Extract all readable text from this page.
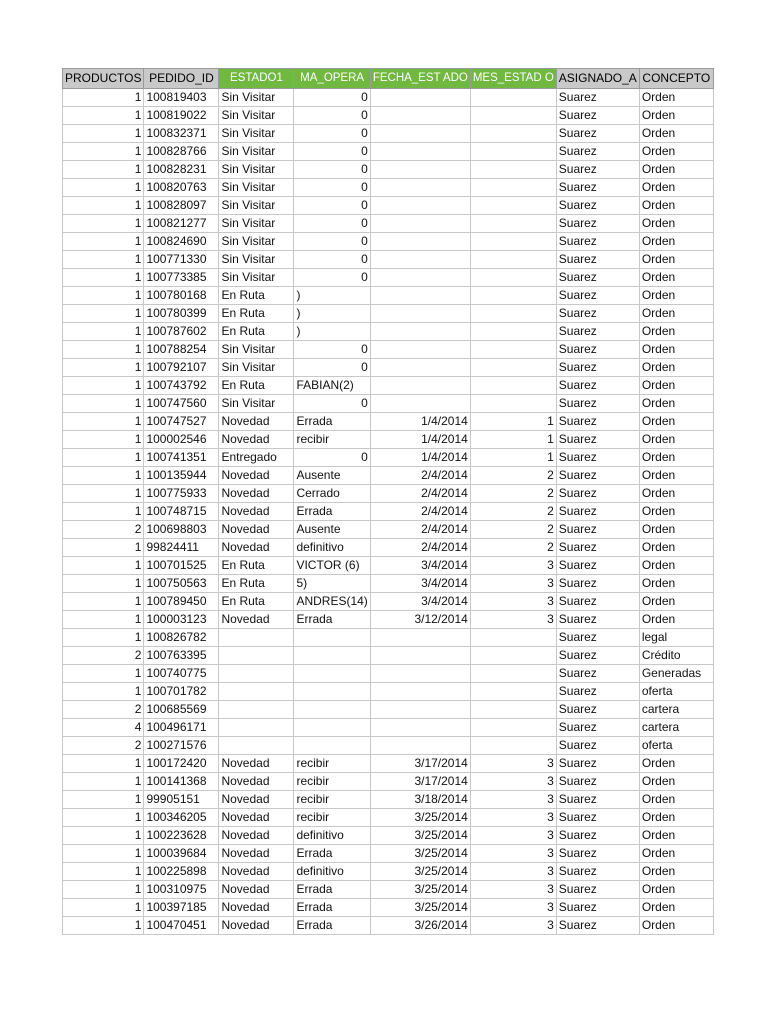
PRODUCTOS	PEDIDO_ID	ESTADO1	MA_OPERA	FECHA_EST ADO	MES_ESTAD O	ASIGNADO_A	CONCEPTO
1	100819403	Sin Visitar	0			Suarez	Orden
1	100819022	Sin Visitar	0			Suarez	Orden
1	100832371	Sin Visitar	0			Suarez	Orden
1	100828766	Sin Visitar	0			Suarez	Orden
1	100828231	Sin Visitar	0			Suarez	Orden
1	100820763	Sin Visitar	0			Suarez	Orden
1	100828097	Sin Visitar	0			Suarez	Orden
1	100821277	Sin Visitar	0			Suarez	Orden
1	100824690	Sin Visitar	0			Suarez	Orden
1	100771330	Sin Visitar	0			Suarez	Orden
1	100773385	Sin Visitar	0			Suarez	Orden
1	100780168	En Ruta	)			Suarez	Orden
1	100780399	En Ruta	)			Suarez	Orden
1	100787602	En Ruta	)			Suarez	Orden
1	100788254	Sin Visitar	0			Suarez	Orden
1	100792107	Sin Visitar	0			Suarez	Orden
1	100743792	En Ruta	FABIAN(2)			Suarez	Orden
1	100747560	Sin Visitar	0			Suarez	Orden
1	100747527	Novedad	Errada	1/4/2014	1	Suarez	Orden
1	100002546	Novedad	recibir	1/4/2014	1	Suarez	Orden
1	100741351	Entregado	0	1/4/2014	1	Suarez	Orden
1	100135944	Novedad	Ausente	2/4/2014	2	Suarez	Orden
1	100775933	Novedad	Cerrado	2/4/2014	2	Suarez	Orden
1	100748715	Novedad	Errada	2/4/2014	2	Suarez	Orden
2	100698803	Novedad	Ausente	2/4/2014	2	Suarez	Orden
1	99824411	Novedad	definitivo	2/4/2014	2	Suarez	Orden
1	100701525	En Ruta	VICTOR (6)	3/4/2014	3	Suarez	Orden
1	100750563	En Ruta	5)	3/4/2014	3	Suarez	Orden
1	100789450	En Ruta	ANDRES(14)	3/4/2014	3	Suarez	Orden
1	100003123	Novedad	Errada	3/12/2014	3	Suarez	Orden
1	100826782					Suarez	legal
2	100763395					Suarez	Crédito
1	100740775					Suarez	Generadas
1	100701782					Suarez	oferta
2	100685569					Suarez	cartera
4	100496171					Suarez	cartera
2	100271576					Suarez	oferta
1	100172420	Novedad	recibir	3/17/2014	3	Suarez	Orden
1	100141368	Novedad	recibir	3/17/2014	3	Suarez	Orden
1	99905151	Novedad	recibir	3/18/2014	3	Suarez	Orden
1	100346205	Novedad	recibir	3/25/2014	3	Suarez	Orden
1	100223628	Novedad	definitivo	3/25/2014	3	Suarez	Orden
1	100039684	Novedad	Errada	3/25/2014	3	Suarez	Orden
1	100225898	Novedad	definitivo	3/25/2014	3	Suarez	Orden
1	100310975	Novedad	Errada	3/25/2014	3	Suarez	Orden
1	100397185	Novedad	Errada	3/25/2014	3	Suarez	Orden
1	100470451	Novedad	Errada	3/26/2014	3	Suarez	Orden
